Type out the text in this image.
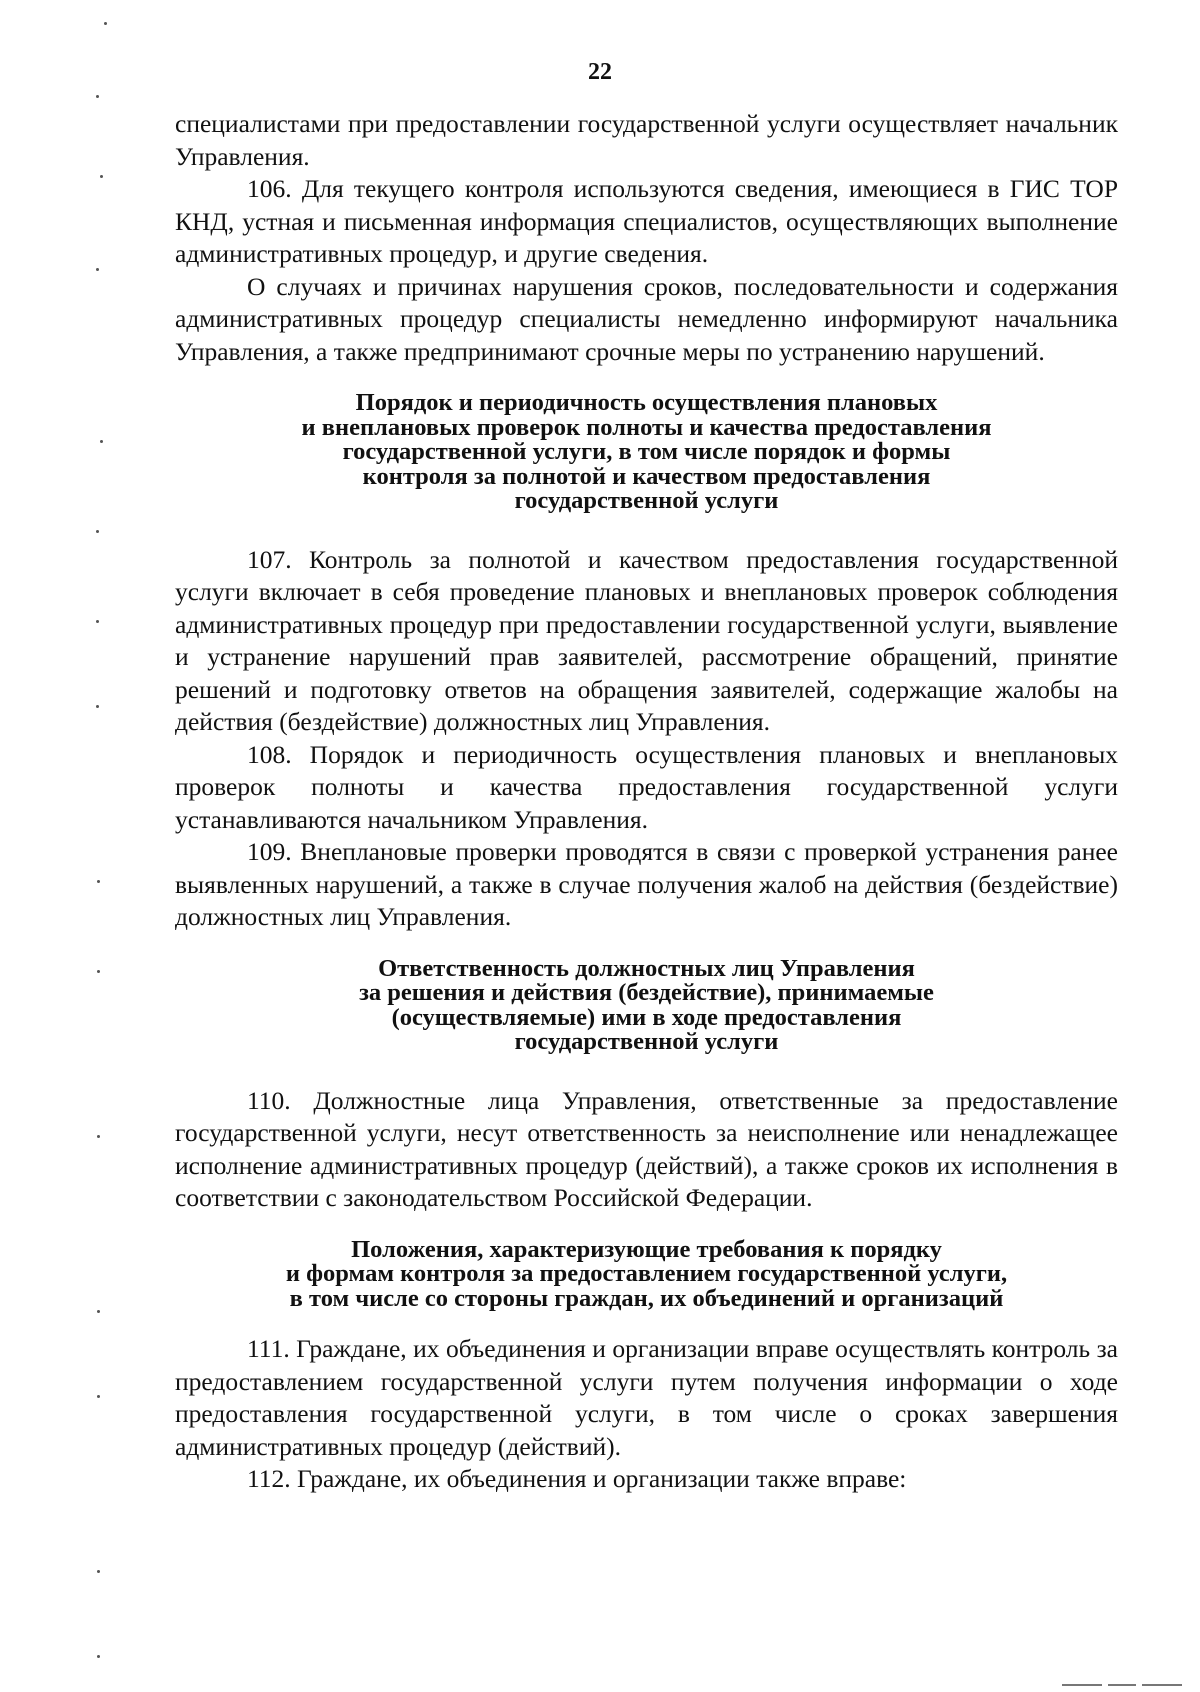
22

специалистами при предоставлении государственной услуги осуществляет начальник Управления.

106. Для текущего контроля используются сведения, имеющиеся в ГИС ТОР КНД, устная и письменная информация специалистов, осуществляющих выполнение административных процедур, и другие сведения.

О случаях и причинах нарушения сроков, последовательности и содержания административных процедур специалисты немедленно информируют начальника Управления, а также предпринимают срочные меры по устранению нарушений.

Порядок и периодичность осуществления плановых
и внеплановых проверок полноты и качества предоставления
государственной услуги, в том числе порядок и формы
контроля за полнотой и качеством предоставления
государственной услуги

107. Контроль за полнотой и качеством предоставления государственной услуги включает в себя проведение плановых и внеплановых проверок соблюдения административных процедур при предоставлении государственной услуги, выявление и устранение нарушений прав заявителей, рассмотрение обращений, принятие решений и подготовку ответов на обращения заявителей, содержащие жалобы на действия (бездействие) должностных лиц Управления.

108. Порядок и периодичность осуществления плановых и внеплановых проверок полноты и качества предоставления государственной услуги устанавливаются начальником Управления.

109. Внеплановые проверки проводятся в связи с проверкой устранения ранее выявленных нарушений, а также в случае получения жалоб на действия (бездействие) должностных лиц Управления.

Ответственность должностных лиц Управления
за решения и действия (бездействие), принимаемые
(осуществляемые) ими в ходе предоставления
государственной услуги

110. Должностные лица Управления, ответственные за предоставление государственной услуги, несут ответственность за неисполнение или ненадлежащее исполнение административных процедур (действий), а также сроков их исполнения в соответствии с законодательством Российской Федерации.

Положения, характеризующие требования к порядку
и формам контроля за предоставлением государственной услуги,
в том числе со стороны граждан, их объединений и организаций

111. Граждане, их объединения и организации вправе осуществлять контроль за предоставлением государственной услуги путем получения информации о ходе предоставления государственной услуги, в том числе о сроках завершения административных процедур (действий).

112. Граждане, их объединения и организации также вправе:
